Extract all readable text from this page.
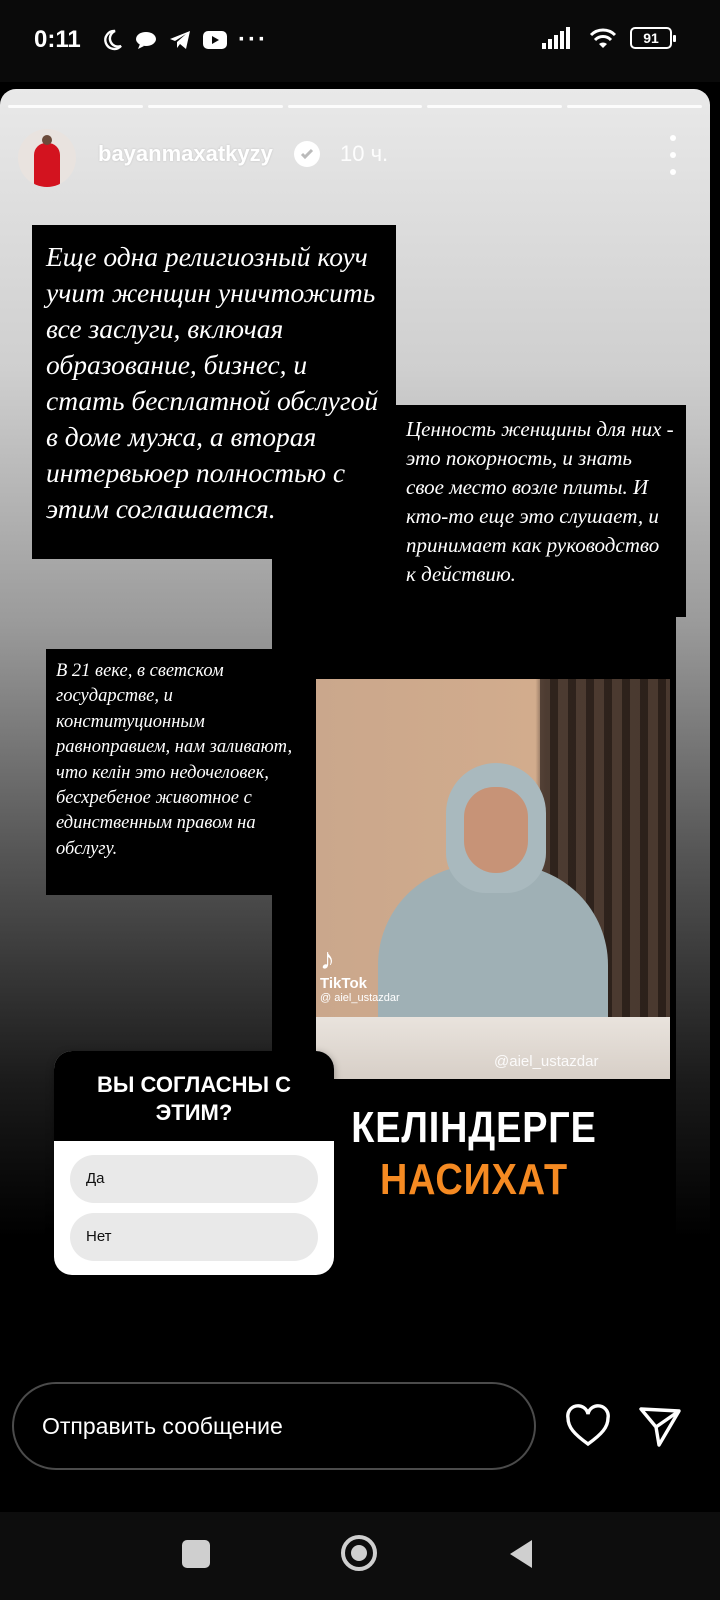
0:11	···	91
bayanmaxatkyzy	10 ч.
♪
TikTok
@ aiel_ustazdar
@aiel_ustazdar
КЕЛІНДЕРГЕ
НАСИХАТ
Еще одна религиозный коуч учит женщин уничтожить все заслуги, включая образование, бизнес, и стать бесплатной обслугой в доме мужа, а вторая интервьюер полностью с этим соглашается.
Ценность женщины для них - это покорность, и знать свое место возле плиты. И кто-то еще это слушает, и принимает как руководство к действию.
В 21 веке, в светском государстве, и конституционным равноправием, нам заливают, что келін это недочеловек, бесхребеное животное с единственным правом на обслугу.
ВЫ СОГЛАСНЫ С ЭТИМ?
Да
Нет
Отправить сообщение
